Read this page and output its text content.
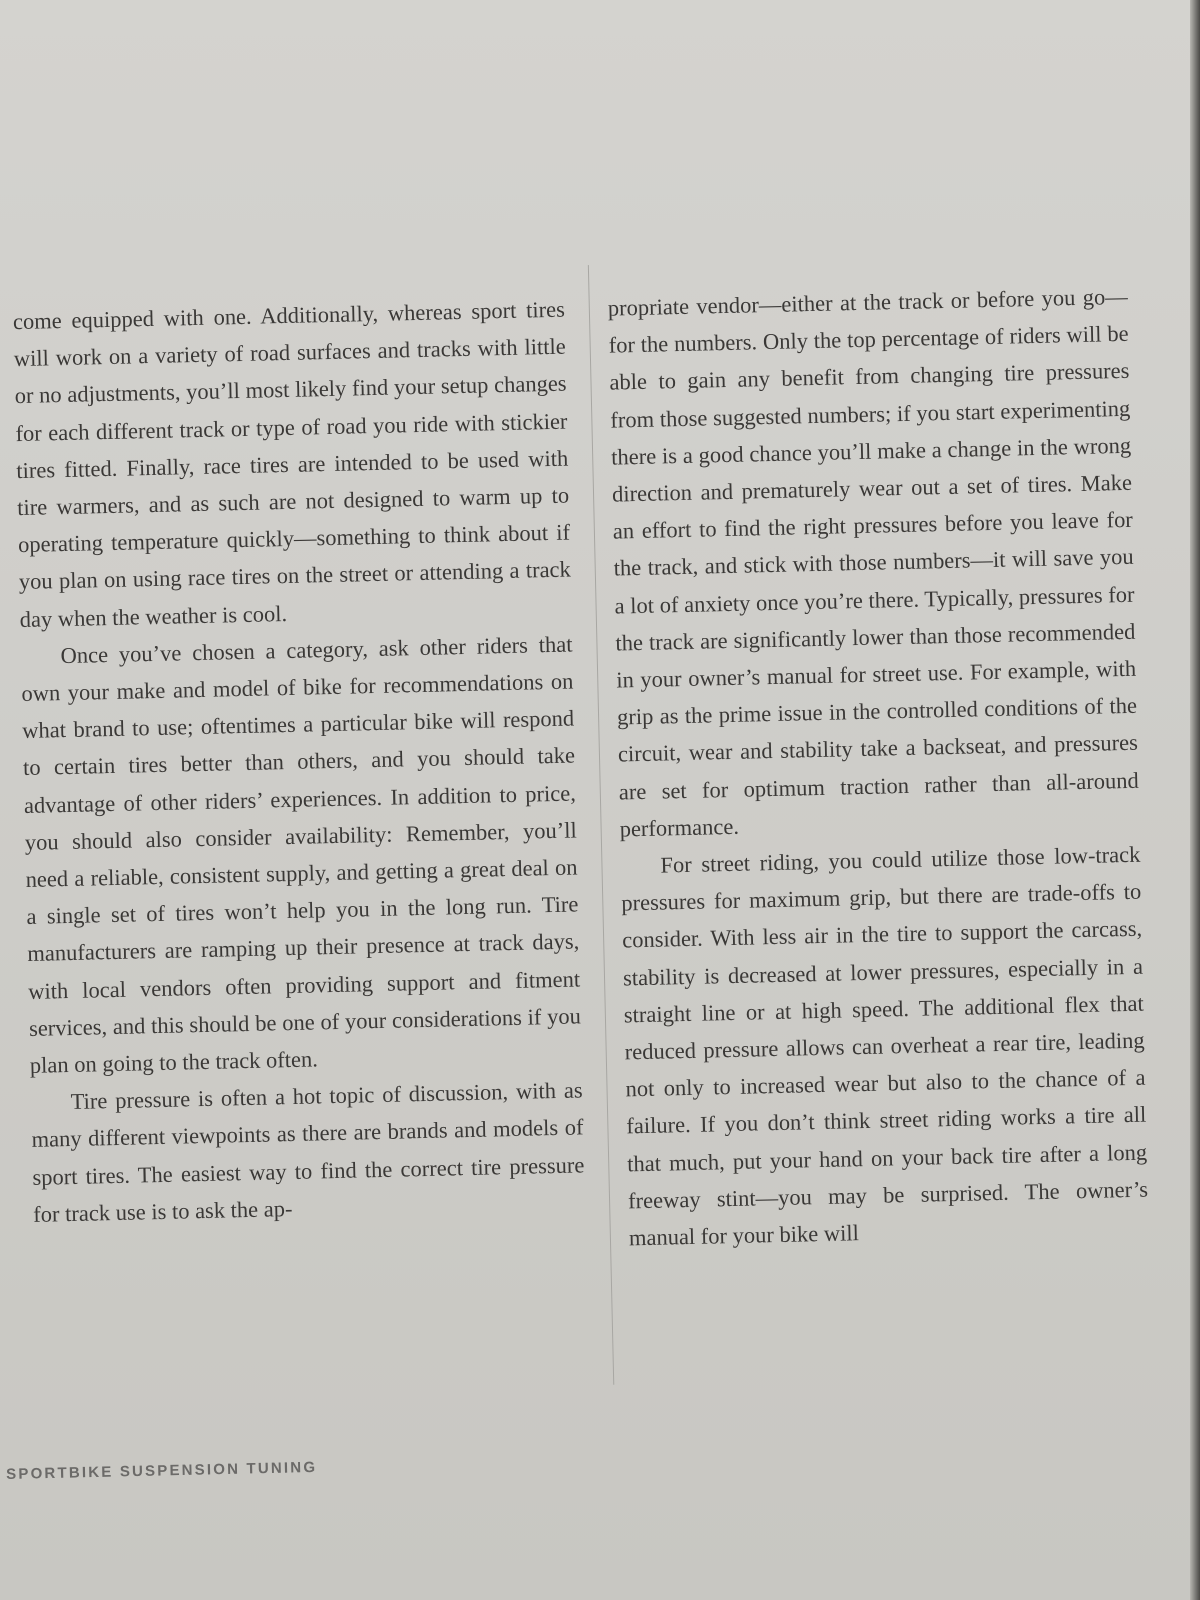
come equipped with one. Additionally, whereas sport tires will work on a variety of road surfaces and tracks with little or no adjustments, you’ll most likely find your setup changes for each different track or type of road you ride with stickier tires fitted. Finally, race tires are intended to be used with tire warmers, and as such are not designed to warm up to operating temperature quickly—something to think about if you plan on using race tires on the street or attending a track day when the weather is cool.

Once you’ve chosen a category, ask other riders that own your make and model of bike for recommendations on what brand to use; oftentimes a particular bike will respond to certain tires better than others, and you should take advantage of other riders’ experiences. In addition to price, you should also consider availability: Remember, you’ll need a reliable, consistent supply, and getting a great deal on a single set of tires won’t help you in the long run. Tire manufacturers are ramping up their presence at track days, with local vendors often providing support and fitment services, and this should be one of your considerations if you plan on going to the track often.

Tire pressure is often a hot topic of discussion, with as many different viewpoints as there are brands and models of sport tires. The easiest way to find the correct tire pressure for track use is to ask the ap-

propriate vendor—either at the track or before you go—for the numbers. Only the top percentage of riders will be able to gain any benefit from changing tire pressures from those suggested numbers; if you start experimenting there is a good chance you’ll make a change in the wrong direction and prematurely wear out a set of tires. Make an effort to find the right pressures before you leave for the track, and stick with those numbers—it will save you a lot of anxiety once you’re there. Typically, pressures for the track are significantly lower than those recommended in your owner’s manual for street use. For example, with grip as the prime issue in the controlled conditions of the circuit, wear and stability take a backseat, and pressures are set for optimum traction rather than all-around performance.

For street riding, you could utilize those low-track pressures for maximum grip, but there are trade-offs to consider. With less air in the tire to support the carcass, stability is decreased at lower pressures, especially in a straight line or at high speed. The additional flex that reduced pressure allows can overheat a rear tire, leading not only to increased wear but also to the chance of a failure. If you don’t think street riding works a tire all that much, put your hand on your back tire after a long freeway stint—you may be surprised. The owner’s manual for your bike will

SPORTBIKE SUSPENSION TUNING
